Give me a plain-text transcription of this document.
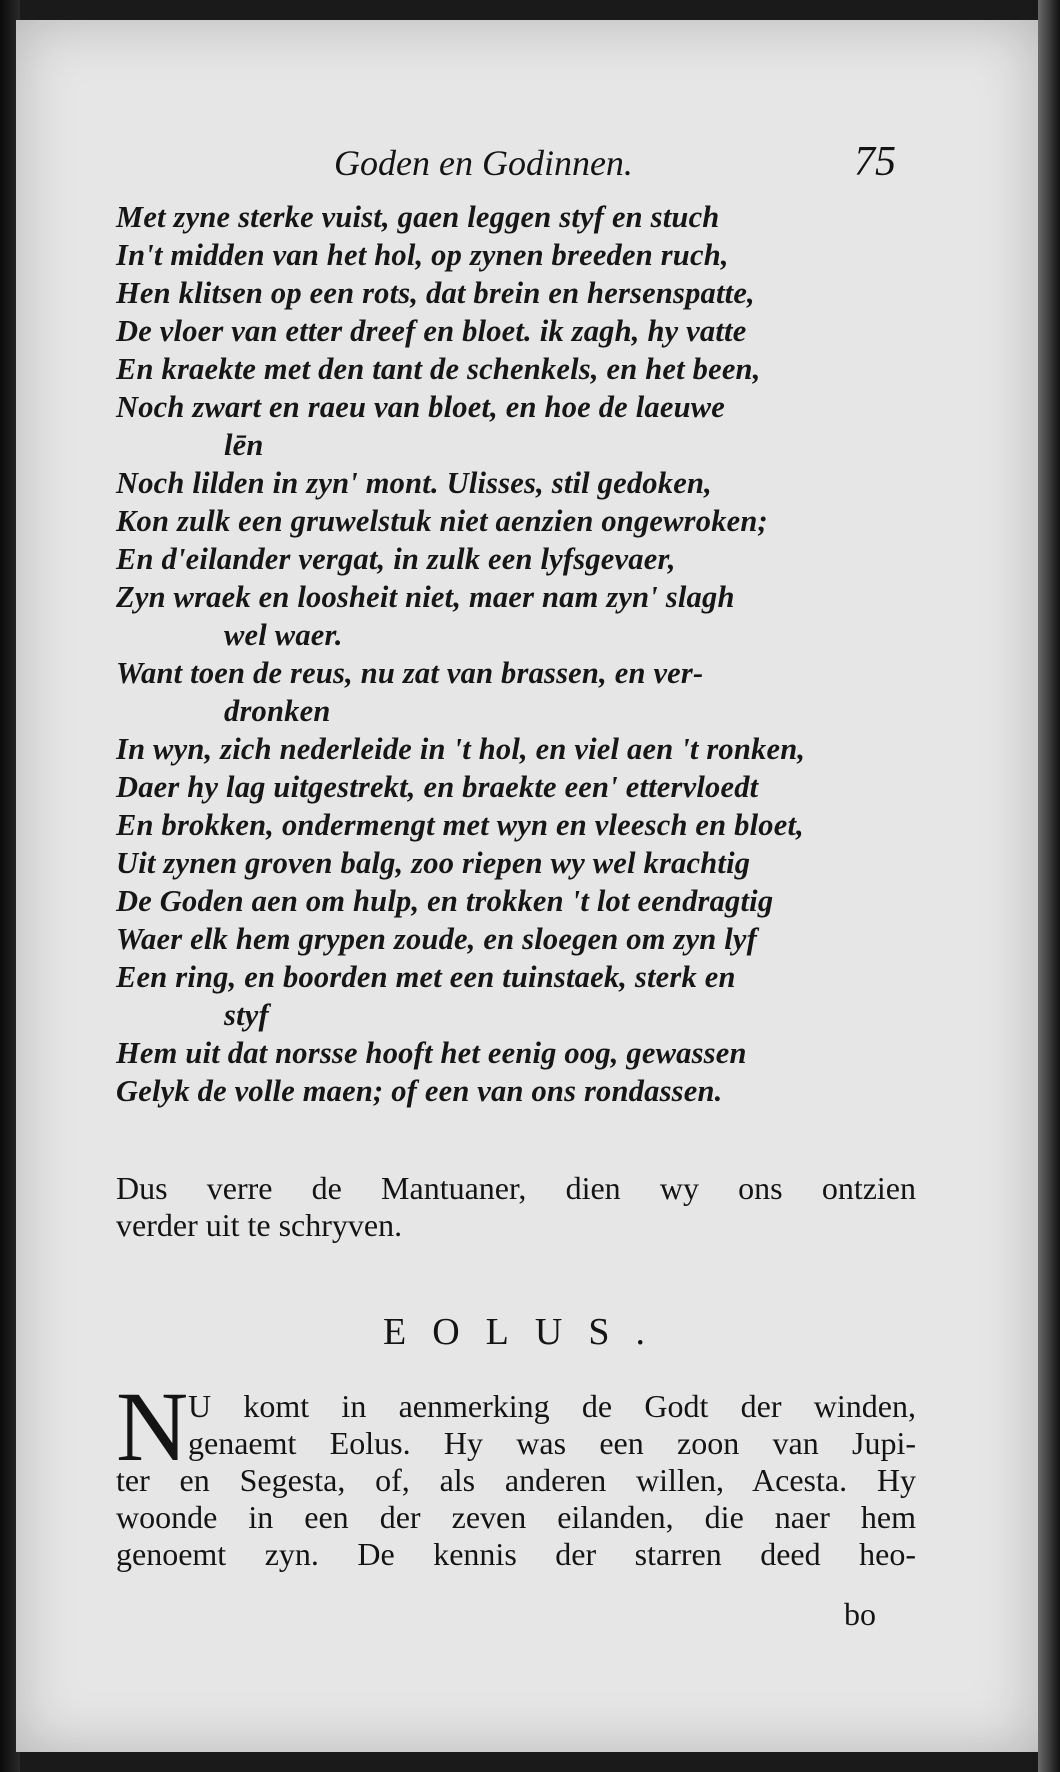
Goden en Godinnen.	75
Met zyne sterke vuist, gaen leggen styf en stuch
In't midden van het hol, op zynen breeden ruch,
Hen klitsen op een rots, dat brein en hersenspatte,
De vloer van etter dreef en bloet. ik zagh, hy vatte
En kraekte met den tant de schenkels, en het been,
Noch zwart en raeu van bloet, en hoe de laeuwe
lēn
Noch lilden in zyn' mont. Ulisses, stil gedoken,
Kon zulk een gruwelstuk niet aenzien ongewroken;
En d'eilander vergat, in zulk een lyfsgevaer,
Zyn wraek en loosheit niet, maer nam zyn' slagh
wel waer.
Want toen de reus, nu zat van brassen, en ver-
dronken
In wyn, zich nederleide in 't hol, en viel aen 't ronken,
Daer hy lag uitgestrekt, en braekte een' ettervloedt
En brokken, ondermengt met wyn en vleesch en bloet,
Uit zynen groven balg, zoo riepen wy wel krachtig
De Goden aen om hulp, en trokken 't lot eendragtig
Waer elk hem grypen zoude, en sloegen om zyn lyf
Een ring, en boorden met een tuinstaek, sterk en
styf
Hem uit dat norsse hooft het eenig oog, gewassen
Gelyk de volle maen; of een van ons rondassen.
Dus verre de Mantuaner, dien wy ons ontzien
verder uit te schryven.
EOLUS.
N U komt in aenmerking de Godt der winden,
genaemt Eolus. Hy was een zoon van Jupi-
ter en Segesta, of, als anderen willen, Acesta. Hy
woonde in een der zeven eilanden, die naer hem
genoemt zyn. De kennis der starren deed heo-
bo
